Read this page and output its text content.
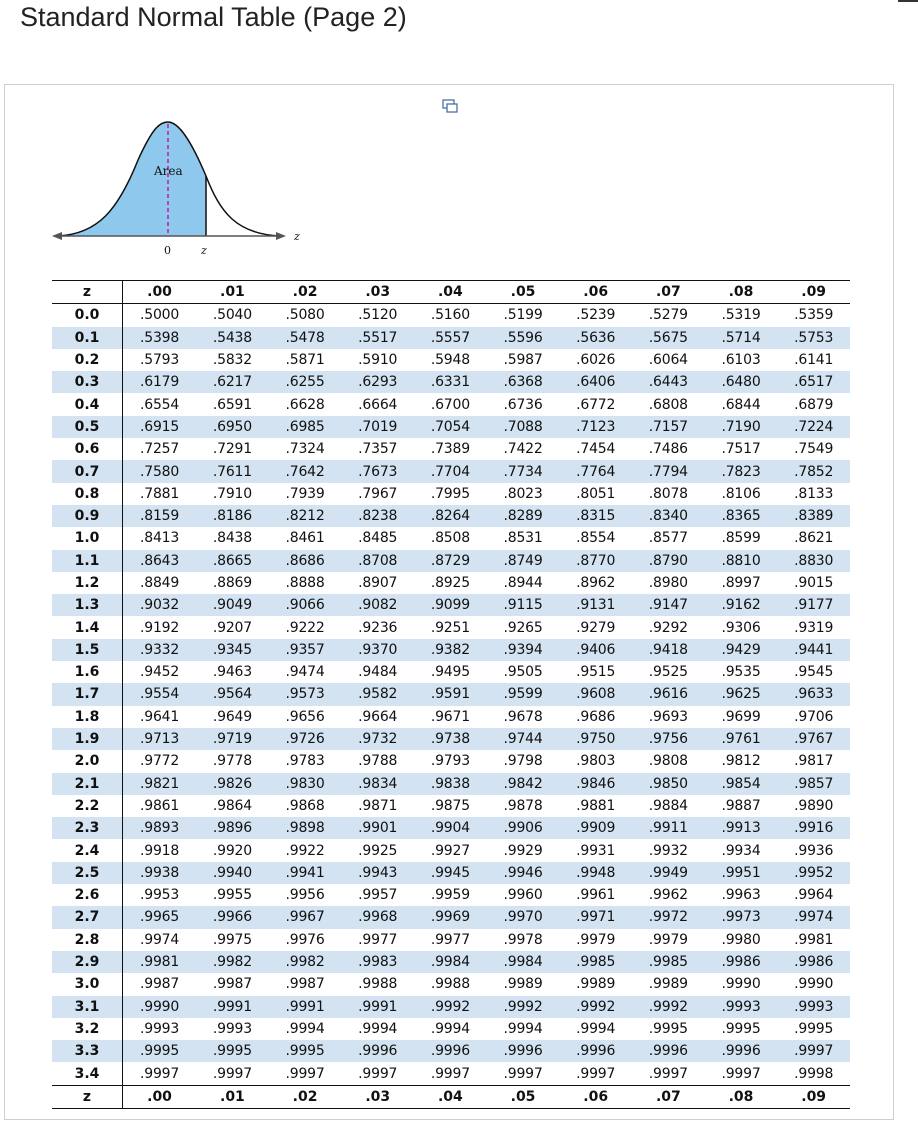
Standard Normal Table (Page 2)
Area
0	z
z
z	.00	.01	.02	.03	.04	.05	.06	.07	.08	.09
0.0	.5000	.5040	.5080	.5120	.5160	.5199	.5239	.5279	.5319	.5359
0.1	.5398	.5438	.5478	.5517	.5557	.5596	.5636	.5675	.5714	.5753
0.2	.5793	.5832	.5871	.5910	.5948	.5987	.6026	.6064	.6103	.6141
0.3	.6179	.6217	.6255	.6293	.6331	.6368	.6406	.6443	.6480	.6517
0.4	.6554	.6591	.6628	.6664	.6700	.6736	.6772	.6808	.6844	.6879
0.5	.6915	.6950	.6985	.7019	.7054	.7088	.7123	.7157	.7190	.7224
0.6	.7257	.7291	.7324	.7357	.7389	.7422	.7454	.7486	.7517	.7549
0.7	.7580	.7611	.7642	.7673	.7704	.7734	.7764	.7794	.7823	.7852
0.8	.7881	.7910	.7939	.7967	.7995	.8023	.8051	.8078	.8106	.8133
0.9	.8159	.8186	.8212	.8238	.8264	.8289	.8315	.8340	.8365	.8389
1.0	.8413	.8438	.8461	.8485	.8508	.8531	.8554	.8577	.8599	.8621
1.1	.8643	.8665	.8686	.8708	.8729	.8749	.8770	.8790	.8810	.8830
1.2	.8849	.8869	.8888	.8907	.8925	.8944	.8962	.8980	.8997	.9015
1.3	.9032	.9049	.9066	.9082	.9099	.9115	.9131	.9147	.9162	.9177
1.4	.9192	.9207	.9222	.9236	.9251	.9265	.9279	.9292	.9306	.9319
1.5	.9332	.9345	.9357	.9370	.9382	.9394	.9406	.9418	.9429	.9441
1.6	.9452	.9463	.9474	.9484	.9495	.9505	.9515	.9525	.9535	.9545
1.7	.9554	.9564	.9573	.9582	.9591	.9599	.9608	.9616	.9625	.9633
1.8	.9641	.9649	.9656	.9664	.9671	.9678	.9686	.9693	.9699	.9706
1.9	.9713	.9719	.9726	.9732	.9738	.9744	.9750	.9756	.9761	.9767
2.0	.9772	.9778	.9783	.9788	.9793	.9798	.9803	.9808	.9812	.9817
2.1	.9821	.9826	.9830	.9834	.9838	.9842	.9846	.9850	.9854	.9857
2.2	.9861	.9864	.9868	.9871	.9875	.9878	.9881	.9884	.9887	.9890
2.3	.9893	.9896	.9898	.9901	.9904	.9906	.9909	.9911	.9913	.9916
2.4	.9918	.9920	.9922	.9925	.9927	.9929	.9931	.9932	.9934	.9936
2.5	.9938	.9940	.9941	.9943	.9945	.9946	.9948	.9949	.9951	.9952
2.6	.9953	.9955	.9956	.9957	.9959	.9960	.9961	.9962	.9963	.9964
2.7	.9965	.9966	.9967	.9968	.9969	.9970	.9971	.9972	.9973	.9974
2.8	.9974	.9975	.9976	.9977	.9977	.9978	.9979	.9979	.9980	.9981
2.9	.9981	.9982	.9982	.9983	.9984	.9984	.9985	.9985	.9986	.9986
3.0	.9987	.9987	.9987	.9988	.9988	.9989	.9989	.9989	.9990	.9990
3.1	.9990	.9991	.9991	.9991	.9992	.9992	.9992	.9992	.9993	.9993
3.2	.9993	.9993	.9994	.9994	.9994	.9994	.9994	.9995	.9995	.9995
3.3	.9995	.9995	.9995	.9996	.9996	.9996	.9996	.9996	.9996	.9997
3.4	.9997	.9997	.9997	.9997	.9997	.9997	.9997	.9997	.9997	.9998
z	.00	.01	.02	.03	.04	.05	.06	.07	.08	.09
